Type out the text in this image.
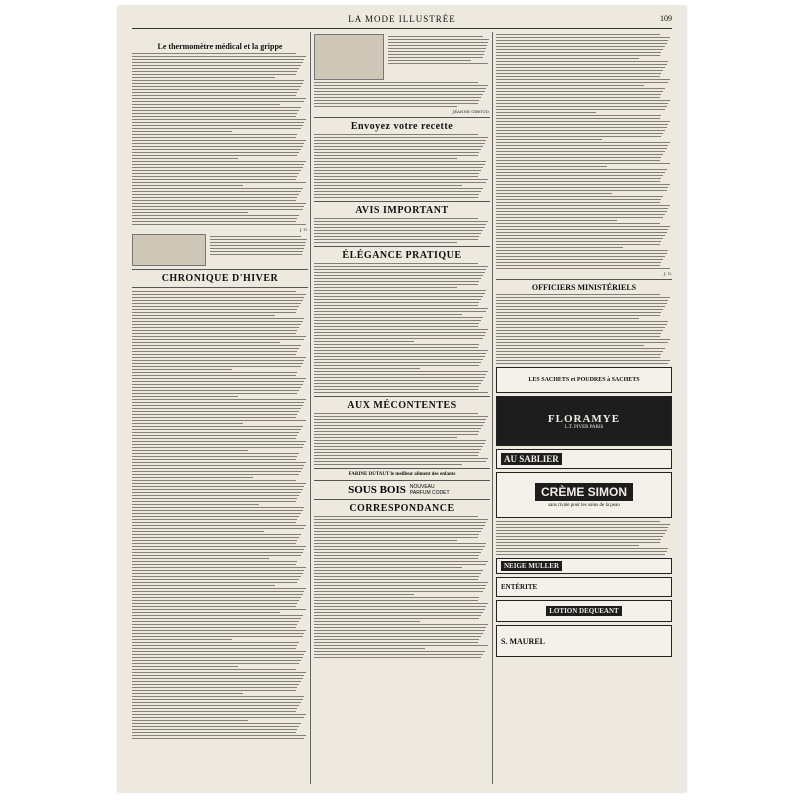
LA MODE ILLUSTRÉE	109
Le thermomètre médical et la grippe
J. G.
CHRONIQUE D'HIVER
JEANNE GIROUD.
Envoyez votre recette
AVIS IMPORTANT
ÉLÉGANCE PRATIQUE
AUX MÉCONTENTES
FARINE DUTAUT le meilleur aliment des enfants
SOUS BOIS NOUVEAU PARFUM CODET
CORRESPONDANCE
J. G.
OFFICIERS MINISTÉRIELS
LES SACHETS et POUDRES à SACHETS
FLORAMYE
L.T. PIVER PARIS
AU SABLIER
CRÈME SIMON
sans rivale pour les soins de la peau
NEIGE MULLER
ENTÉRITE
LOTION DEQUEANT
S. MAUREL
